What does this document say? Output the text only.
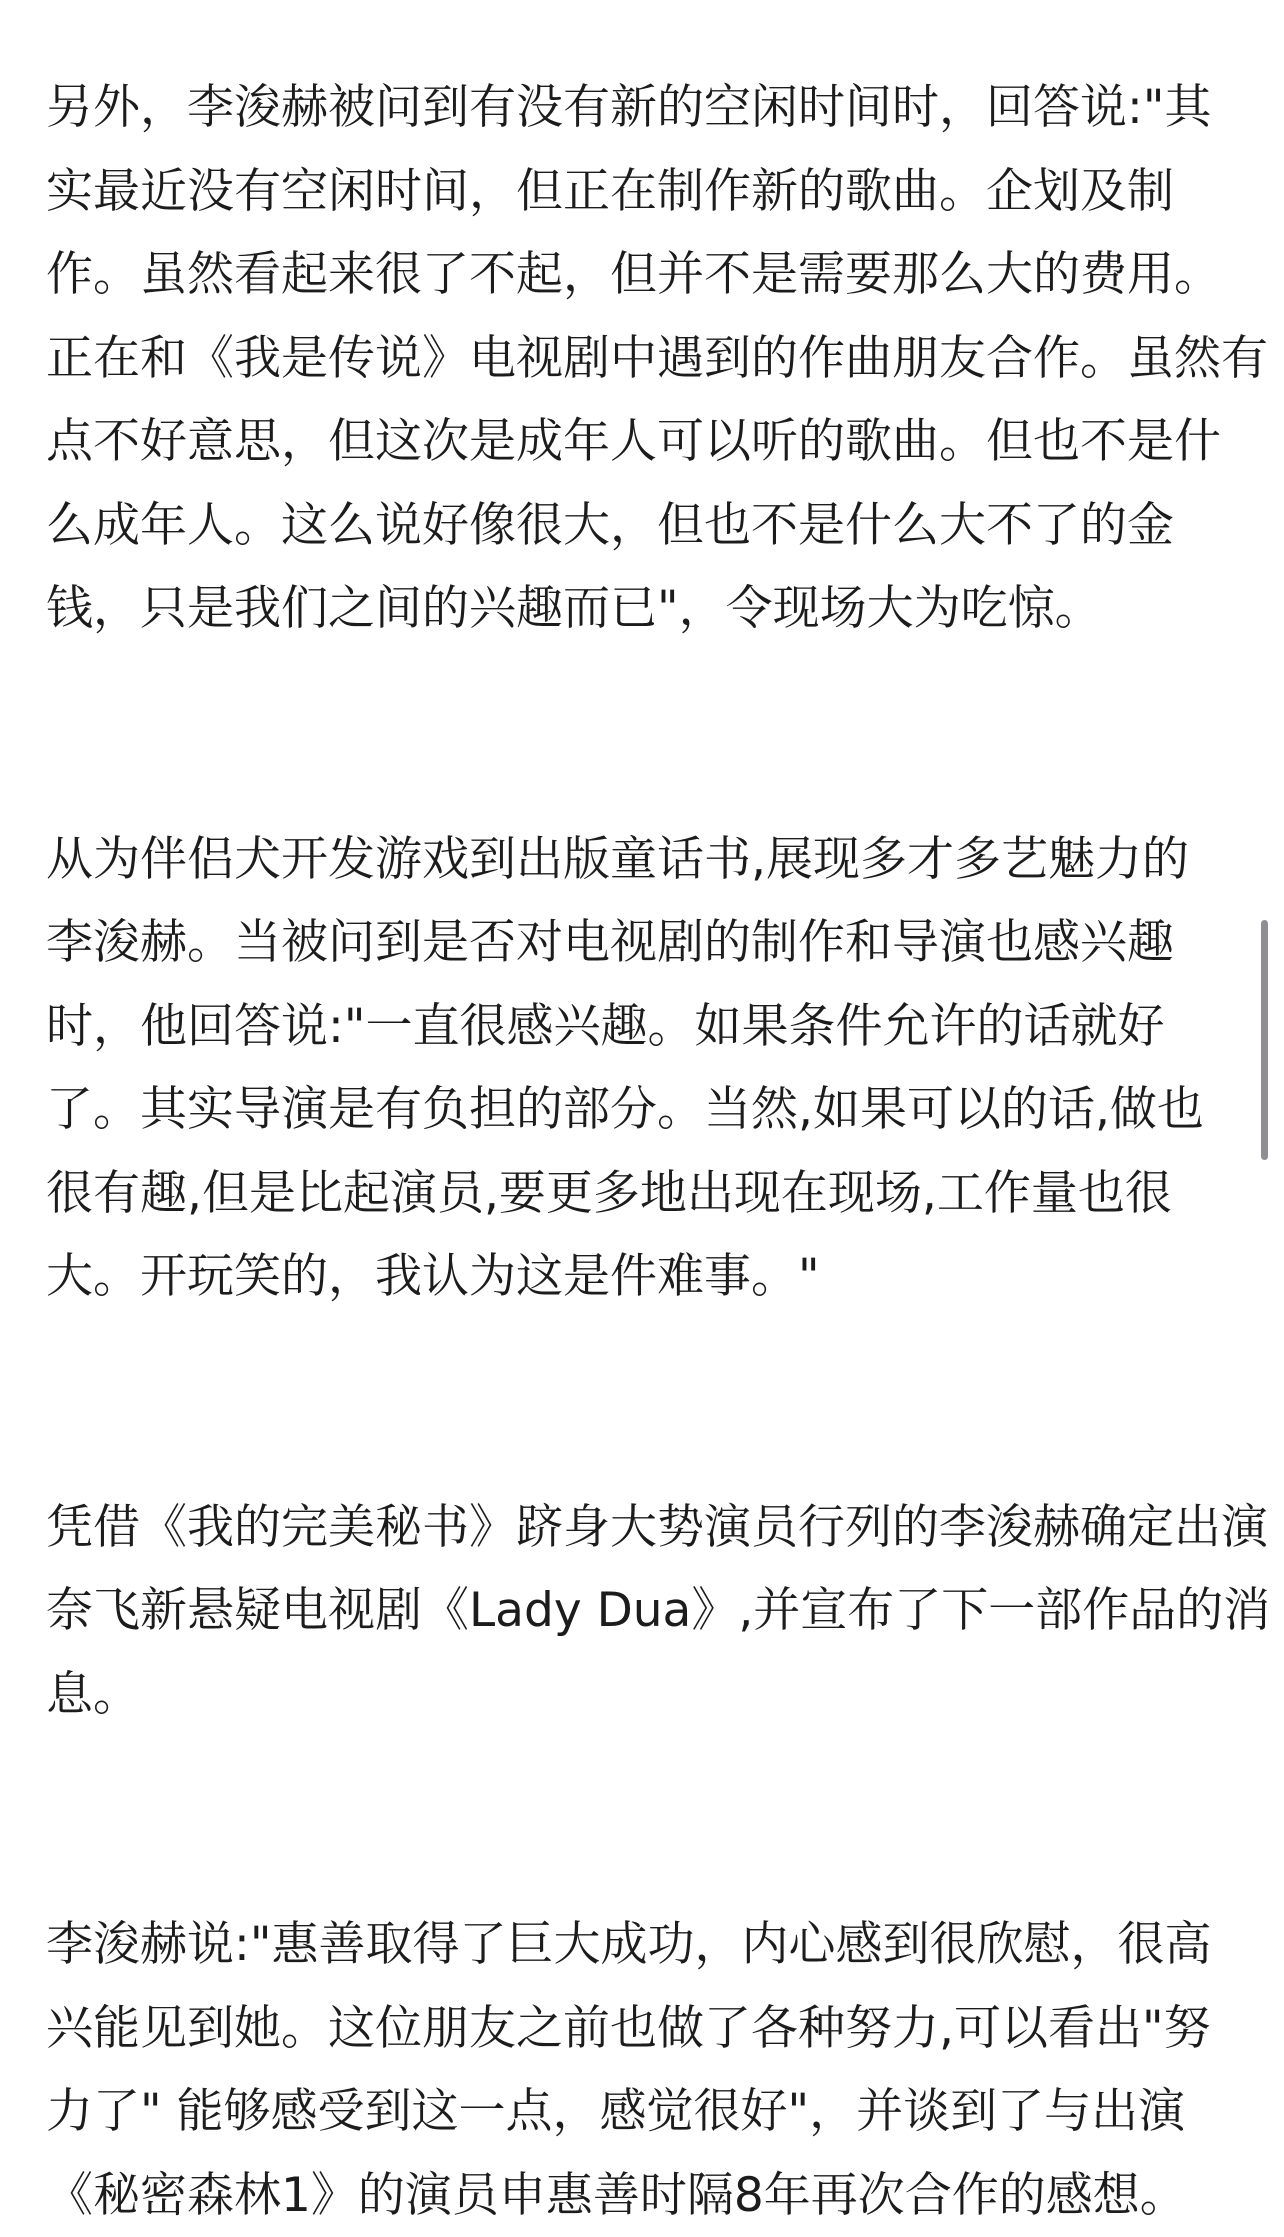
另外，李浚赫被问到有没有新的空闲时间时，回答说:"其
实最近没有空闲时间，但正在制作新的歌曲。企划及制
作。虽然看起来很了不起，但并不是需要那么大的费用。
正在和《我是传说》电视剧中遇到的作曲朋友合作。虽然有
点不好意思，但这次是成年人可以听的歌曲。但也不是什
么成年人。这么说好像很大，但也不是什么大不了的金
钱，只是我们之间的兴趣而已"，令现场大为吃惊。

从为伴侣犬开发游戏到出版童话书,展现多才多艺魅力的
李浚赫。当被问到是否对电视剧的制作和导演也感兴趣
时，他回答说:"一直很感兴趣。如果条件允许的话就好
了。其实导演是有负担的部分。当然,如果可以的话,做也
很有趣,但是比起演员,要更多地出现在现场,工作量也很
大。开玩笑的，我认为这是件难事。"

凭借《我的完美秘书》跻身大势演员行列的李浚赫确定出演
奈飞新悬疑电视剧《Lady Dua》,并宣布了下一部作品的消
息。

李浚赫说:"惠善取得了巨大成功，内心感到很欣慰，很高
兴能见到她。这位朋友之前也做了各种努力,可以看出"努
力了" 能够感受到这一点，感觉很好"，并谈到了与出演
《秘密森林1》的演员申惠善时隔8年再次合作的感想。
